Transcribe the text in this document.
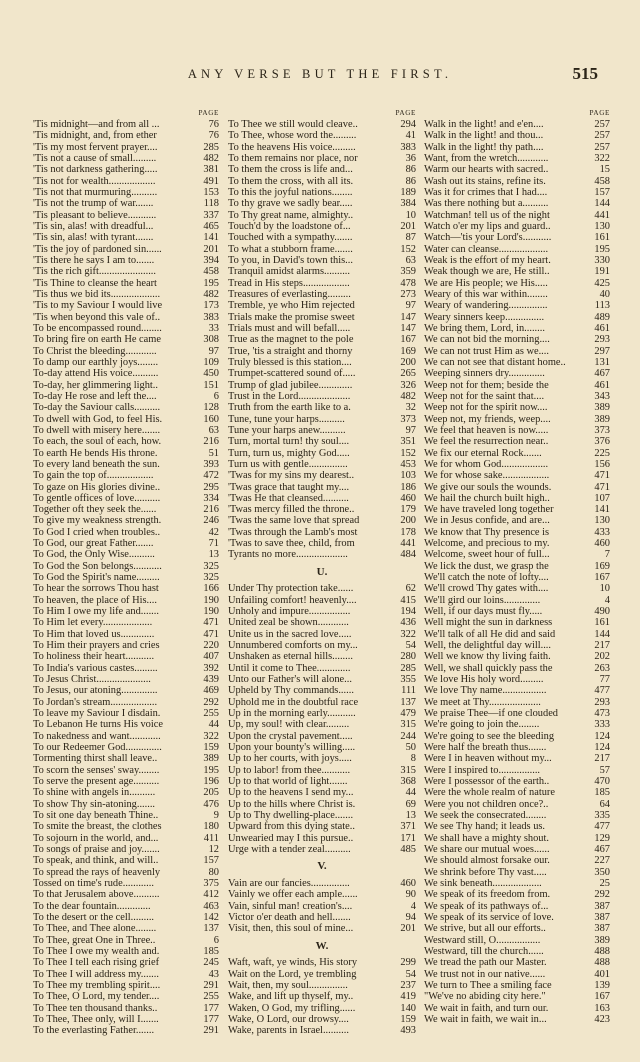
ANY VERSE BUT THE FIRST.	515
PAGE
'Tis midnight—and from all ...	76
'Tis midnight, and, from ether	76
'Tis my most fervent prayer....	285
'Tis not a cause of small.........	482
'Tis not darkness gathering.....	381
'Tis not for wealth..................	491
'Tis not that murmuring..........	153
'Tis not the trump of war.......	118
'Tis pleasant to believe...........	337
'Tis sin, alas! with dreadful...	465
'Tis sin, alas! with tyrant.......	141
'Tis the joy of pardoned sin......	201
'Tis there he says I am to.......	394
'Tis the rich gift......................	458
'Tis Thine to cleanse the heart	195
'Tis thus we bid its...................	482
'Tis to my Saviour I would live	173
'Tis when beyond this vale of..	383
To be encompassed round........	33
To bring fire on earth He came	308
To Christ the bleeding............	97
To damp our earthly joys........	109
To-day attend His voice..........	450
To-day, her glimmering light..	151
To-day He rose and left the....	6
To-day the Saviour calls..........	128
To dwell with God, to feel His.	160
To dwell with misery here.......	63
To each, the soul of each, how.	216
To earth He bends His throne.	51
To every land beneath the sun.	393
To gain the top of..................	472
To gaze on His glories divine..	295
To gentle offices of love..........	334
Together oft they seek the......	216
To give my weakness strength.	246
To God I cried when troubles..	42
To God, our great Father.......	71
To God, the Only Wise..........	13
To God the Son belongs...........	325
To God the Spirit's name.........	325
To hear the sorrows Thou hast	166
To heaven, the place of His....	190
To Him I owe my life and.......	190
To Him let every...................	471
To Him that loved us.............	471
To Him their prayers and cries	220
To holiness their heart...........	407
To India's various castes.........	392
To Jesus Christ.....................	439
To Jesus, our atoning..............	469
To Jordan's stream..................	292
To leave my Saviour I disdain.	255
To Lebanon He turns His voice	44
To nakedness and want............	322
To our Redeemer God..............	159
Tormenting thirst shall leave..	389
To scorn the senses' sway........	195
To serve the present age..........	196
To shine with angels in..........	205
To show Thy sin-atoning.......	476
To sit one day beneath Thine..	9
To smite the breast, the clothes	180
To sojourn in the world, and...	411
To songs of praise and joy.......	12
To speak, and think, and will..	157
To spread the rays of heavenly	80
Tossed on time's rude............	375
To that Jerusalem above..........	412
To the dear fountain.............	463
To the desert or the cell.........	142
To Thee, and Thee alone........	137
To Thee, great One in Three..	6
To Thee I owe my wealth and.	185
To Thee I tell each rising grief	245
To Thee I will address my.......	43
To Thee my trembling spirit....	291
To Thee, O Lord, my tender....	255
To Thee ten thousand thanks..	177
To Thee, Thee only, will I.......	177
To the everlasting Father.......	291
PAGE
To Thee we still would cleave..	294
To Thee, whose word the.........	41
To the heavens His voice.........	383
To them remains nor place, nor	36
To them the cross is life and...	86
To them the cross, with all its.	86
To this the joyful nations........	189
To thy grave we sadly bear.....	384
To Thy great name, almighty..	10
Touch'd by the loadstone of...	201
Touched with a sympathy.......	87
To what a stubborn frame.......	152
To you, in David's town this...	63
Tranquil amidst alarms..........	359
Tread in His steps..................	478
Treasures of everlasting.........	273
Tremble, ye who Him rejected	97
Trials make the promise sweet	147
Trials must and will befall.....	147
True as the magnet to the pole	167
True, 'tis a straight and thorny	169
Truly blessed is this station....	200
Trumpet-scattered sound of.....	265
Trump of glad jubilee.............	326
Trust in the Lord....................	482
Truth from the earth like to a.	32
Tune, tune your harps..........	373
Tune your harps anew..........	97
Turn, mortal turn! thy soul....	351
Turn, turn us, mighty God.....	152
Turn us with gentle...............	453
'Twas for my sins my dearest..	103
'Twas grace that taught my....	186
'Twas He that cleansed..........	460
'Twas mercy filled the throne..	179
'Twas the same love that spread	200
'Twas through the Lamb's most	178
'Twas to save thee, child, from	441
Tyrants no more....................	484
U.
Under Thy protection take......	62
Unfailing comfort! heavenly....	415
Unholy and impure................	194
United zeal be shown............	436
Unite us in the sacred love.....	322
Unnumbered comforts on my...	54
Unshaken as eternal hills........	280
Until it come to Thee.............	285
Unto our Father's will alone...	355
Upheld by Thy commands......	111
Uphold me in the doubtful race	137
Up in the morning early...........	479
Up, my soul! with clear.........	315
Upon the crystal pavement.....	244
Upon your bounty's willing.....	50
Up to her courts, with joys.....	8
Up to labor! from thee...........	315
Up to that world of light.......	368
Up to the heavens I send my...	44
Up to the hills where Christ is.	69
Up to Thy dwelling-place.......	13
Upward from this dying state..	371
Unwearied may I this pursue..	171
Urge with a tender zeal..........	485
V.
Vain are our fancies...............	460
Vainly we offer each ample......	90
Vain, sinful man! creation's....	4
Victor o'er death and hell.......	94
Visit, then, this soul of mine...	201
W.
Waft, waft, ye winds, His story	299
Wait on the Lord, ye trembling	54
Wait, then, my soul...............	237
Wake, and lift up thyself, my..	419
Waken, O God, my trifling......	140
Wake, O Lord, our drowsy....	159
Wake, parents in Israel..........	493
PAGE
Walk in the light! and e'en....	257
Walk in the light! and thou...	257
Walk in the light! thy path....	257
Want, from the wretch............	322
Warm our hearts with sacred..	15
Wash out its stains, refine its.	458
Was it for crimes that I had....	157
Was there nothing but a..........	144
Watchman! tell us of the night	441
Watch o'er my lips and guard..	130
Watch—'tis your Lord's...........	161
Water can cleanse...................	195
Weak is the effort of my heart.	330
Weak though we are, He still..	191
We are His people; we His.....	425
Weary of this war within........	40
Weary of wandering...............	113
Weary sinners keep...............	489
We bring them, Lord, in........	461
We can not bid the morning....	293
We can not trust Him as we....	297
We can not see that distant home..	131
Weeping sinners dry..............	467
Weep not for them; beside the	461
Weep not for the saint that....	343
Weep not for the spirit now....	389
Weep not, my friends, weep....	389
We feel that heaven is now.....	373
We feel the resurrection near..	376
We fix our eternal Rock.......	225
We for whom God..................	156
We for whose sake..................	471
We give our souls the wounds.	471
We hail the church built high..	107
We have traveled long together	141
We in Jesus confide, and are...	130
We know that Thy presence is	433
Welcome, and precious to my.	460
Welcome, sweet hour of full...	7
We lick the dust, we grasp the	169
We'll catch the note of lofty....	167
We'll crowd Thy gates with....	10
We'll gird our loins..............	4
Well, if our days must fly.....	490
Well might the sun in darkness	161
We'll talk of all He did and said	144
Well, the delightful day will....	217
Well we know thy living faith.	202
Well, we shall quickly pass the	263
We love His holy word.........	77
We love Thy name.................	477
We meet at Thy....................	293
We praise Thee—if one clouded	473
We're going to join the........	333
We're going to see the bleeding	124
Were half the breath thus.......	124
Were I in heaven without my...	217
Were I inspired to................	57
Were I possessor of the earth..	470
Were the whole realm of nature	185
Were you not children once?..	64
We seek the consecrated........	335
We see Thy hand; it leads us.	477
We shall have a mighty shout.	129
We share our mutual woes......	467
We should almost forsake our.	227
We shrink before Thy vast.....	350
We sink beneath...................	25
We speak of its freedom from.	292
We speak of its pathways of...	387
We speak of its service of love.	387
We strive, but all our efforts..	387
Westward still, O.................	389
Westward, till the church......	488
We tread the path our Master.	488
We trust not in our native......	401
We turn to Thee a smiling face	139
"We've no abiding city here."	167
We wait in faith, and turn our.	163
We wait in faith, we wait in...	423
